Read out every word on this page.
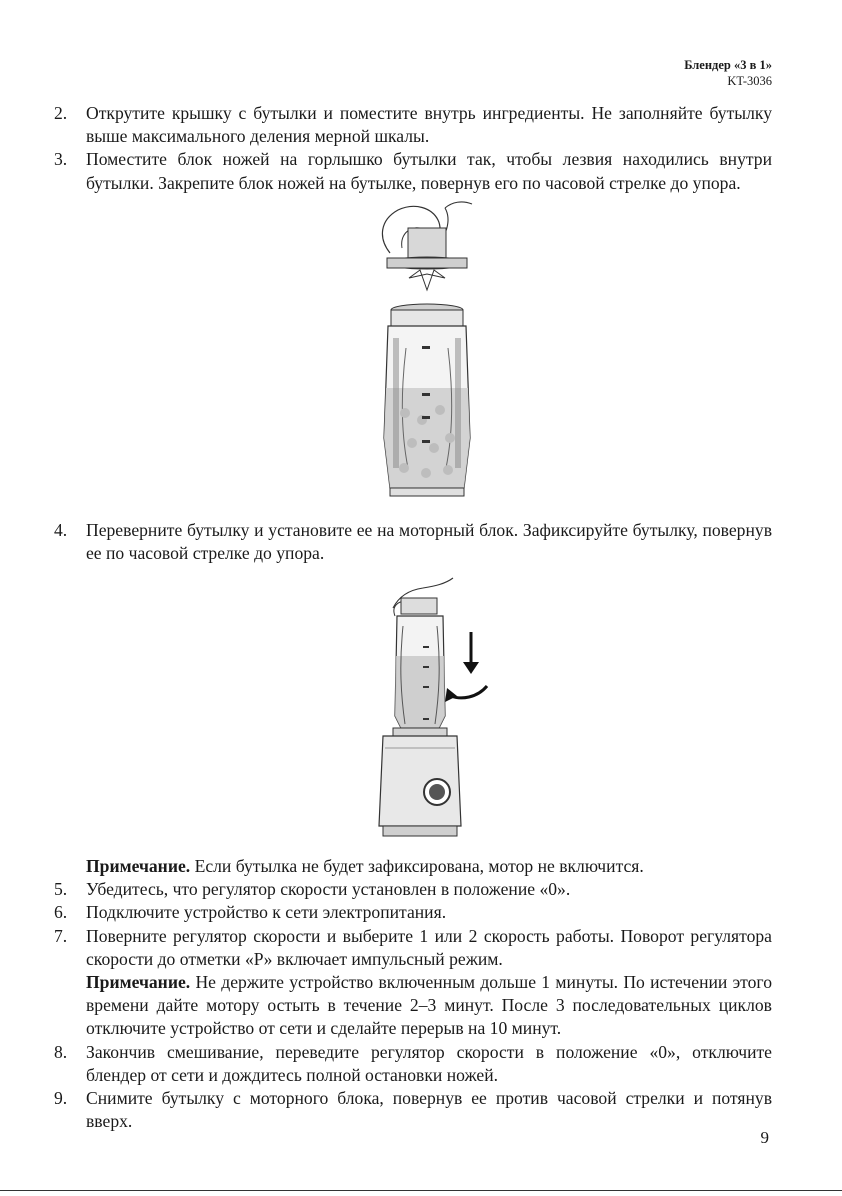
Блендер «3 в 1»
KT-3036
2.	Открутите крышку с бутылки и поместите внутрь ингредиенты. Не заполняйте бутылку выше максимального деления мерной шкалы.
3.	Поместите блок ножей на горлышко бутылки так, чтобы лезвия находились внутри бутылки. Закрепите блок ножей на бутылке, повернув его по часовой стрелке до упора.
4.	Переверните бутылку и установите ее на моторный блок. Зафиксируйте бутылку, повернув ее по часовой стрелке до упора.
Примечание. Если бутылка не будет зафиксирована, мотор не включится.
5.	Убедитесь, что регулятор скорости установлен в положение «0».
6.	Подключите устройство к сети электропитания.
7.	Поверните регулятор скорости и выберите 1 или 2 скорость работы. Поворот регулятора скорости до отметки «P» включает импульсный режим.
Примечание. Не держите устройство включенным дольше 1 минуты. По истечении этого времени дайте мотору остыть в течение 2–3 минут. После 3 последовательных циклов отключите устройство от сети и сделайте перерыв на 10 минут.
8.	Закончив смешивание, переведите регулятор скорости в положение «0», отключите блендер от сети и дождитесь полной остановки ножей.
9.	Снимите бутылку с моторного блока, повернув ее против часовой стрелки и потянув вверх.
9
